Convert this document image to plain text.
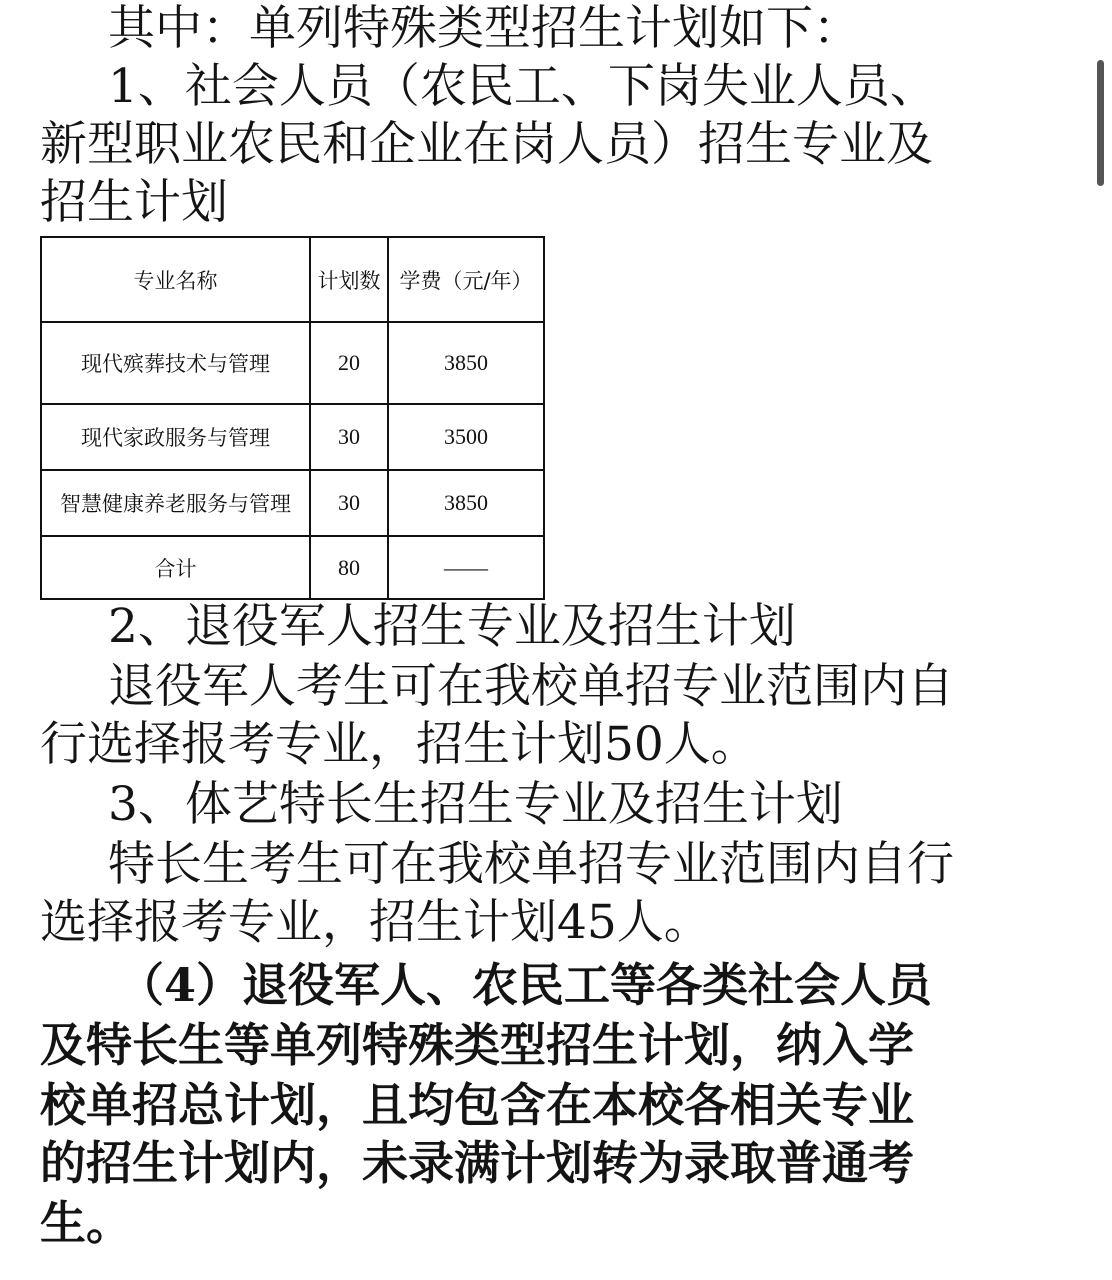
其中：单列特殊类型招生计划如下：

1、社会人员（农民工、下岗失业人员、

新型职业农民和企业在岗人员）招生专业及

招生计划

专业名称	计划数	学费（元/年）
现代殡葬技术与管理	20	3850
现代家政服务与管理	30	3500
智慧健康养老服务与管理	30	3850
合计	80	——

2、退役军人招生专业及招生计划

退役军人考生可在我校单招专业范围内自

行选择报考专业，招生计划50人。

3、体艺特长生招生专业及招生计划

特长生考生可在我校单招专业范围内自行

选择报考专业，招生计划45人。

（4）退役军人、农民工等各类社会人员

及特长生等单列特殊类型招生计划，纳入学

校单招总计划，且均包含在本校各相关专业

的招生计划内，未录满计划转为录取普通考

生。
